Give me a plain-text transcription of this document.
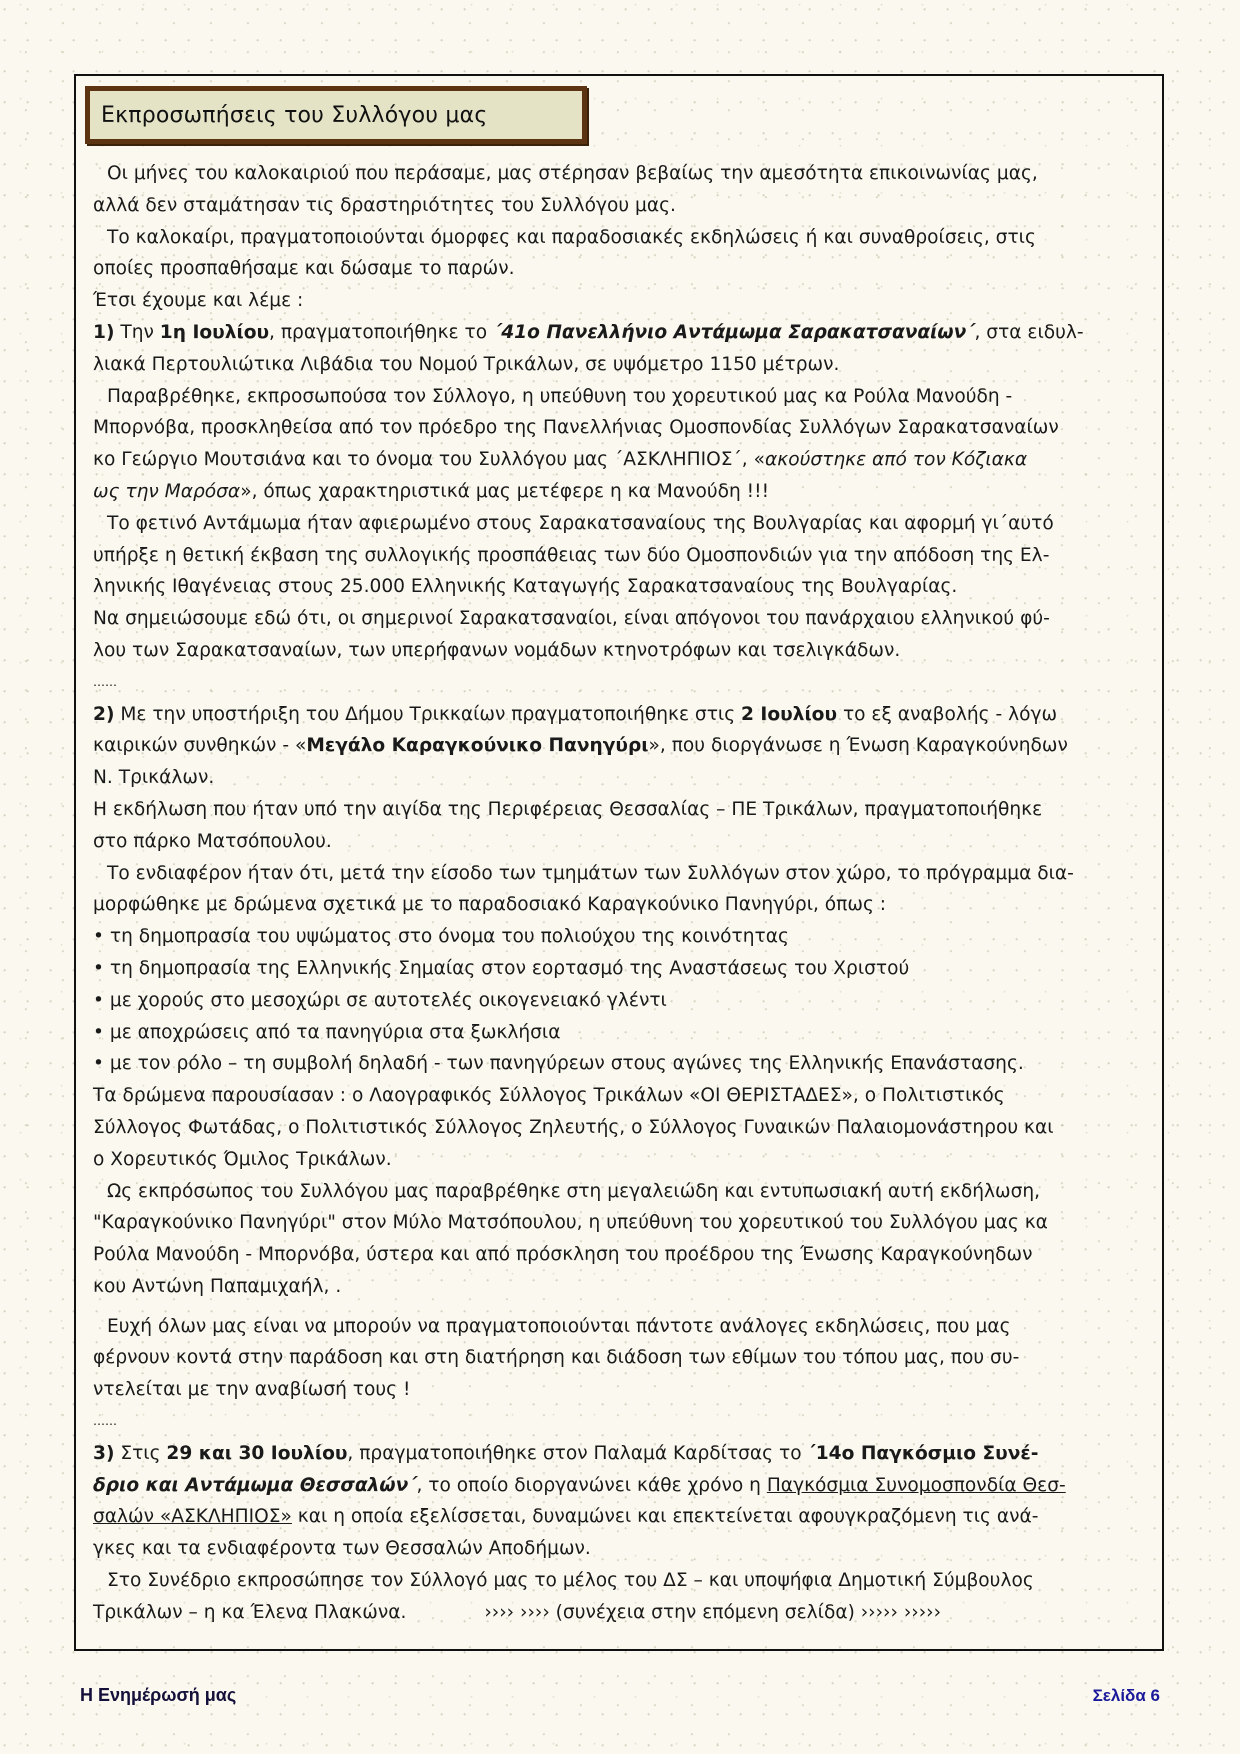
Εκπροσωπήσεις του Συλλόγου μας

Οι μήνες του καλοκαιριού που περάσαμε, μας στέρησαν βεβαίως την αμεσότητα επικοινωνίας μας,

αλλά δεν σταμάτησαν τις δραστηριότητες του Συλλόγου μας.

Το καλοκαίρι, πραγματοποιούνται όμορφες και παραδοσιακές εκδηλώσεις ή και συναθροίσεις, στις

οποίες προσπαθήσαμε και δώσαμε το παρών.

Έτσι έχουμε και λέμε :

1) Την 1η Ιουλίου, πραγματοποιήθηκε το ΄41ο Πανελλήνιο Αντάμωμα Σαρακατσαναίων΄, στα ειδυλ-

λιακά Περτουλιώτικα Λιβάδια του Νομού Τρικάλων, σε υψόμετρο 1150 μέτρων.

Παραβρέθηκε, εκπροσωπούσα τον Σύλλογο, η υπεύθυνη του χορευτικού μας κα Ρούλα Μανούδη -

Μπορνόβα, προσκληθείσα από τον πρόεδρο της Πανελλήνιας Ομοσπονδίας Συλλόγων Σαρακατσαναίων

κο Γεώργιο Μουτσιάνα και το όνομα του Συλλόγου μας ΄ΑΣΚΛΗΠΙΟΣ΄, «ακούστηκε από τον Κόζιακα

ως την Μαρόσα», όπως χαρακτηριστικά μας μετέφερε η κα Μανούδη !!!

Το φετινό Αντάμωμα ήταν αφιερωμένο στους Σαρακατσαναίους της Βουλγαρίας και αφορμή γι΄αυτό

υπήρξε η θετική έκβαση της συλλογικής προσπάθειας των δύο Ομοσπονδιών για την απόδοση της Ελ-

ληνικής Ιθαγένειας στους 25.000 Ελληνικής Καταγωγής Σαρακατσαναίους της Βουλγαρίας.

Να σημειώσουμε εδώ ότι, οι σημερινοί Σαρακατσαναίοι, είναι απόγονοι του πανάρχαιου ελληνικού φύ-

λου των Σαρακατσαναίων, των υπερήφανων νομάδων κτηνοτρόφων και τσελιγκάδων.

……

2) Με την υποστήριξη του Δήμου Τρικκαίων πραγματοποιήθηκε στις 2 Ιουλίου το εξ αναβολής - λόγω

καιρικών συνθηκών - «Μεγάλο Καραγκούνικο Πανηγύρι», που διοργάνωσε η Ένωση Καραγκούνηδων

Ν. Τρικάλων.

Η εκδήλωση που ήταν υπό την αιγίδα της Περιφέρειας Θεσσαλίας – ΠΕ Τρικάλων, πραγματοποιήθηκε

στο πάρκο Ματσόπουλου.

Το ενδιαφέρον ήταν ότι, μετά την είσοδο των τμημάτων των Συλλόγων στον χώρο, το πρόγραμμα δια-

μορφώθηκε με δρώμενα σχετικά με το παραδοσιακό Καραγκούνικο Πανηγύρι, όπως :

• τη δημοπρασία του υψώματος στο όνομα του πολιούχου της κοινότητας

• τη δημοπρασία της Ελληνικής Σημαίας στον εορτασμό της Αναστάσεως του Χριστού

• με χορούς στο μεσοχώρι σε αυτοτελές οικογενειακό γλέντι

• με αποχρώσεις από τα πανηγύρια στα ξωκλήσια

• με τον ρόλο – τη συμβολή δηλαδή - των πανηγύρεων στους αγώνες της Ελληνικής Επανάστασης.

Τα δρώμενα παρουσίασαν : ο Λαογραφικός Σύλλογος Τρικάλων «ΟΙ ΘΕΡΙΣΤΑΔΕΣ», ο Πολιτιστικός

Σύλλογος Φωτάδας, ο Πολιτιστικός Σύλλογος Ζηλευτής, ο Σύλλογος Γυναικών Παλαιομονάστηρου και

ο Χορευτικός Όμιλος Τρικάλων.

Ως εκπρόσωπος του Συλλόγου μας παραβρέθηκε στη μεγαλειώδη και εντυπωσιακή αυτή εκδήλωση,

"Καραγκούνικο Πανηγύρι" στον Μύλο Ματσόπουλου, η υπεύθυνη του χορευτικού του Συλλόγου μας κα

Ρούλα Μανούδη - Μπορνόβα, ύστερα και από πρόσκληση του προέδρου της Ένωσης Καραγκούνηδων

κου Αντώνη Παπαμιχαήλ, .

Ευχή όλων μας είναι να μπορούν να πραγματοποιούνται πάντοτε ανάλογες εκδηλώσεις, που μας

φέρνουν κοντά στην παράδοση και στη διατήρηση και διάδοση των εθίμων του τόπου μας, που συ-

ντελείται με την αναβίωσή τους !

……

3) Στις 29 και 30 Ιουλίου, πραγματοποιήθηκε στον Παλαμά Καρδίτσας το ΄14ο Παγκόσμιο Συνέ-

δριο και Αντάμωμα Θεσσαλών΄, το οποίο διοργανώνει κάθε χρόνο η Παγκόσμια Συνομοσπονδία Θεσ-

σαλών «ΑΣΚΛΗΠΙΟΣ» και η οποία εξελίσσεται, δυναμώνει και επεκτείνεται αφουγκραζόμενη τις ανά-

γκες και τα ενδιαφέροντα των Θεσσαλών Αποδήμων.

Στο Συνέδριο εκπροσώπησε τον Σύλλογό μας το μέλος του ΔΣ – και υποψήφια Δημοτική Σύμβουλος

Τρικάλων – η κα Έλενα Πλακώνα.	›››› ›››› (συνέχεια στην επόμενη σελίδα) ››››› ›››››

Η Ενημέρωσή μας	Σελίδα 6
